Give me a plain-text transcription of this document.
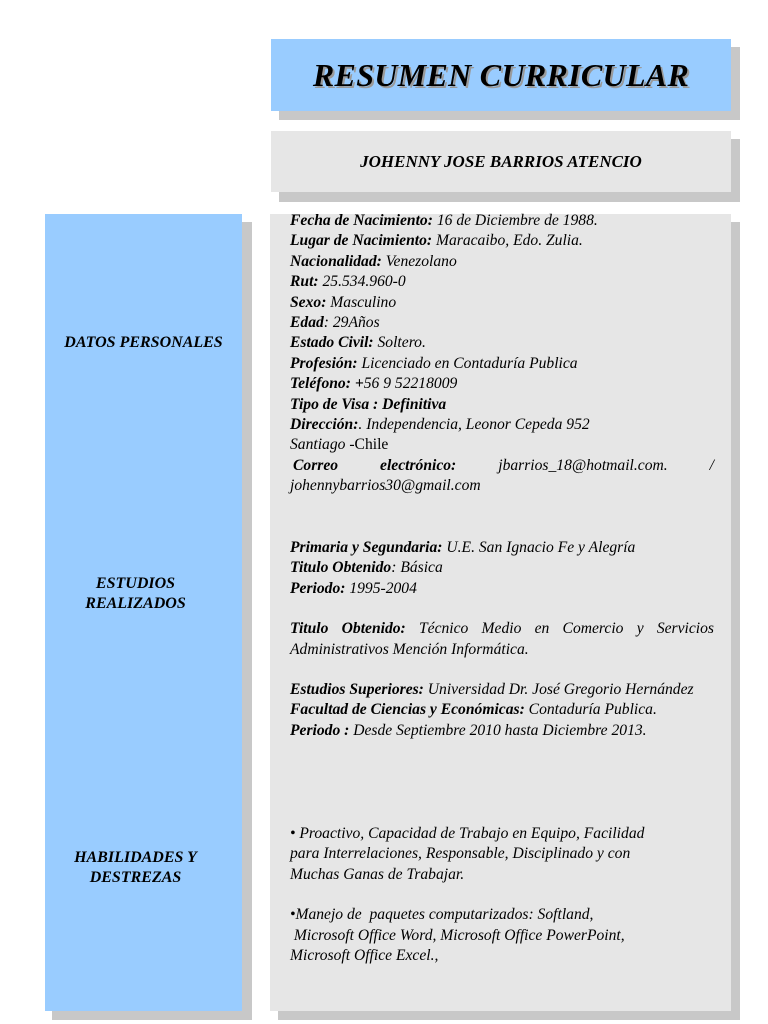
RESUMEN CURRICULAR
JOHENNY JOSE BARRIOS ATENCIO
DATOS PERSONALES
ESTUDIOS
REALIZADOS
HABILIDADES Y
DESTREZAS
Fecha de Nacimiento: 16 de Diciembre de 1988.
Lugar de Nacimiento: Maracaibo, Edo. Zulia.
Nacionalidad: Venezolano
Rut: 25.534.960-0
Sexo: Masculino
Edad: 29Años
Estado Civil: Soltero.
Profesión: Licenciado en Contaduría Publica
Teléfono: +56 9 52218009
Tipo de Visa : Definitiva
Dirección:. Independencia, Leonor Cepeda 952
Santiago -Chile
Correo electrónico:	jbarrios_18@hotmail.com.	/
johennybarrios30@gmail.com
Primaria y Segundaria: U.E. San Ignacio Fe y Alegría
Titulo Obtenido: Básica
Periodo: 1995-2004
Titulo Obtenido: Técnico Medio en Comercio y Servicios Administrativos Mención Informática.
Estudios Superiores: Universidad Dr. José Gregorio Hernández
Facultad de Ciencias y Económicas: Contaduría Publica.
Periodo : Desde Septiembre 2010 hasta Diciembre 2013.
• Proactivo, Capacidad de Trabajo en Equipo, Facilidad
para Interrelaciones, Responsable, Disciplinado y con
Muchas Ganas de Trabajar.
•Manejo de  paquetes computarizados: Softland,
Microsoft Office Word, Microsoft Office PowerPoint,
Microsoft Office Excel.,
